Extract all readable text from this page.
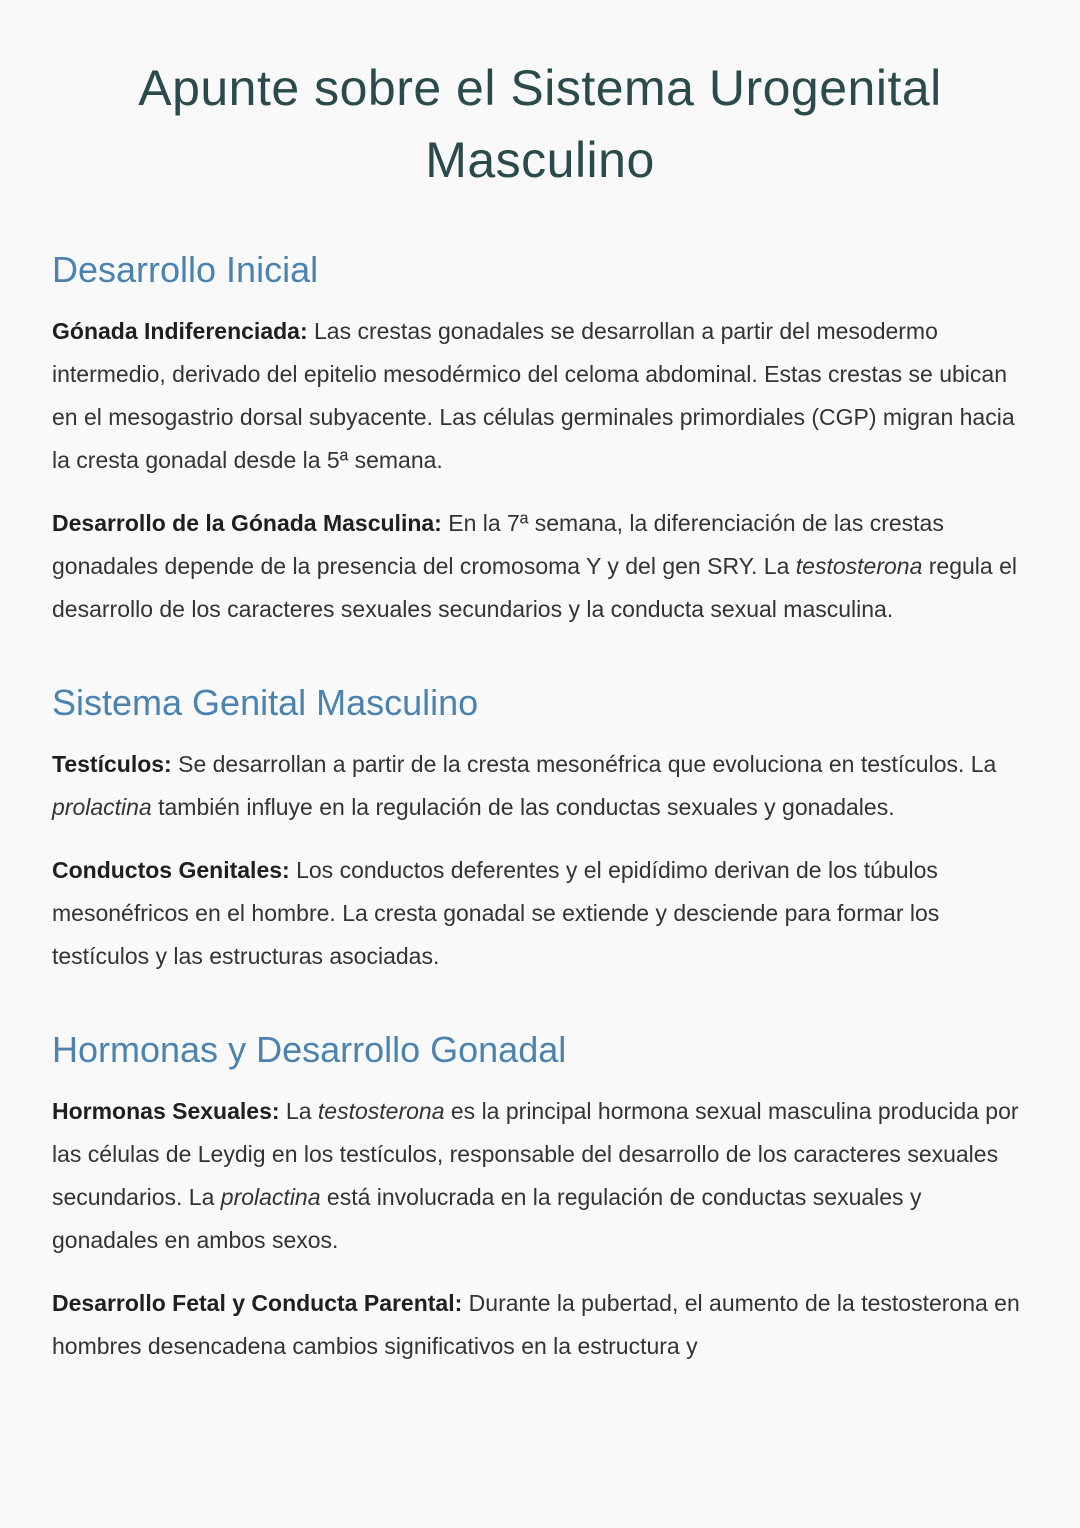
Apunte sobre el Sistema Urogenital Masculino
Desarrollo Inicial

Gónada Indiferenciada: Las crestas gonadales se desarrollan a partir del mesodermo intermedio, derivado del epitelio mesodérmico del celoma abdominal. Estas crestas se ubican en el mesogastrio dorsal subyacente. Las células germinales primordiales (CGP) migran hacia la cresta gonadal desde la 5ª semana.

Desarrollo de la Gónada Masculina: En la 7ª semana, la diferenciación de las crestas gonadales depende de la presencia del cromosoma Y y del gen SRY. La testosterona regula el desarrollo de los caracteres sexuales secundarios y la conducta sexual masculina.

Sistema Genital Masculino

Testículos: Se desarrollan a partir de la cresta mesonéfrica que evoluciona en testículos. La prolactina también influye en la regulación de las conductas sexuales y gonadales.

Conductos Genitales: Los conductos deferentes y el epidídimo derivan de los túbulos mesonéfricos en el hombre. La cresta gonadal se extiende y desciende para formar los testículos y las estructuras asociadas.

Hormonas y Desarrollo Gonadal

Hormonas Sexuales: La testosterona es la principal hormona sexual masculina producida por las células de Leydig en los testículos, responsable del desarrollo de los caracteres sexuales secundarios. La prolactina está involucrada en la regulación de conductas sexuales y gonadales en ambos sexos.

Desarrollo Fetal y Conducta Parental: Durante la pubertad, el aumento de la testosterona en hombres desencadena cambios significativos en la estructura y
